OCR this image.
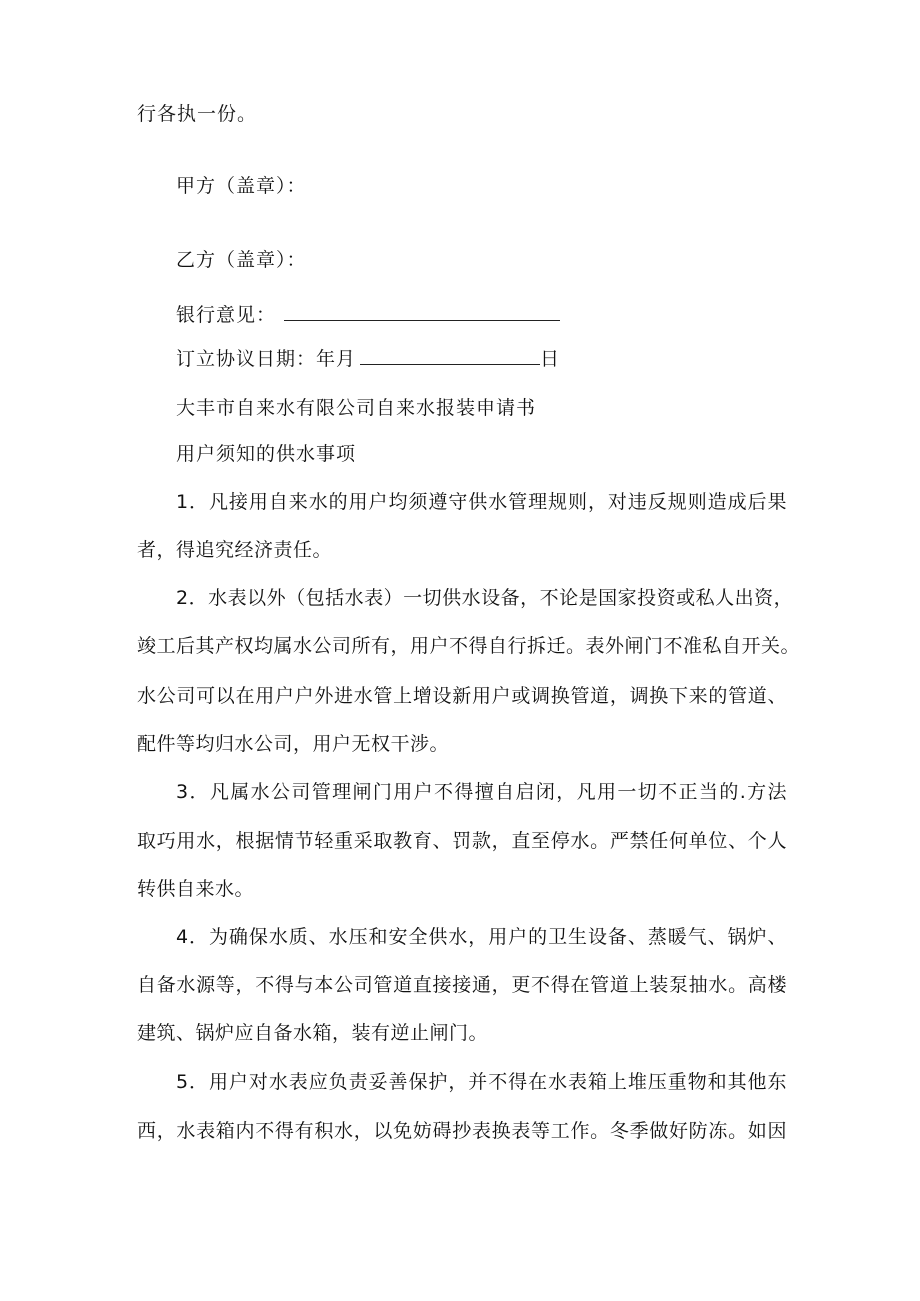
行各执一份。

甲方（盖章）：

乙方（盖章）：

银行意见：

订立协议日期：年月	日

大丰市自来水有限公司自来水报装申请书

用户须知的供水事项

1．凡接用自来水的用户均须遵守供水管理规则，对违反规则造成后果

者，得追究经济责任。

2．水表以外（包括水表）一切供水设备，不论是国家投资或私人出资，

竣工后其产权均属水公司所有，用户不得自行拆迁。表外闸门不准私自开关。

水公司可以在用户户外进水管上增设新用户或调换管道，调换下来的管道、

配件等均归水公司，用户无权干涉。

3．凡属水公司管理闸门用户不得擅自启闭，凡用一切不正当的.方法

取巧用水，根据情节轻重采取教育、罚款，直至停水。严禁任何单位、个人

转供自来水。

4．为确保水质、水压和安全供水，用户的卫生设备、蒸暖气、锅炉、

自备水源等，不得与本公司管道直接接通，更不得在管道上装泵抽水。高楼

建筑、锅炉应自备水箱，装有逆止闸门。

5．用户对水表应负责妥善保护，并不得在水表箱上堆压重物和其他东

西，水表箱内不得有积水，以免妨碍抄表换表等工作。冬季做好防冻。如因
